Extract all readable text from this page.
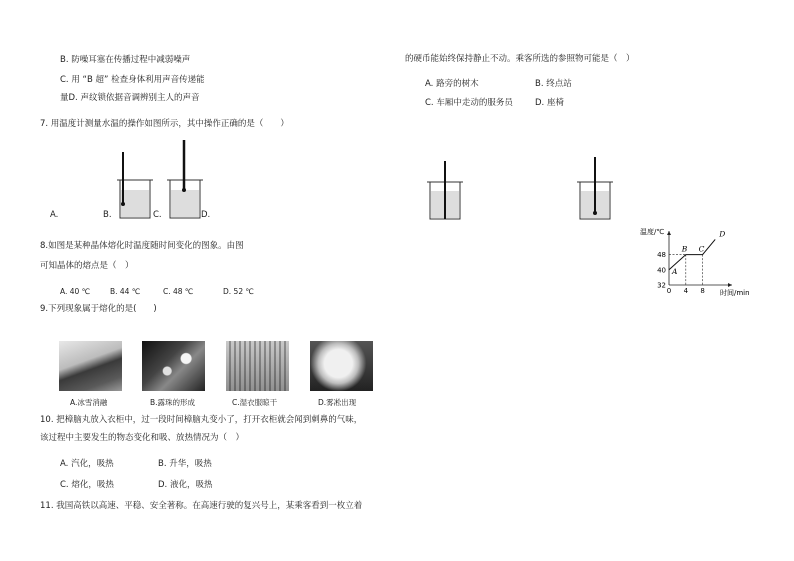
B. 防噪耳塞在传播过程中减弱噪声
C. 用 “B 超” 检查身体利用声音传递能
量D. 声纹锁依据音调辨别主人的声音
7. 用温度计测量水温的操作如图所示，其中操作正确的是（　　）
A.	B.	C.	D.
8.如图是某种晶体熔化时温度随时间变化的图象。由图
可知晶体的熔点是（　）
A. 40 ℃	B. 44 ℃	C. 48 ℃	D. 52 ℃
9.下列现象属于熔化的是(　　)
A.冰雪消融	B.露珠的形成	C.湿衣服晾干	D.雾凇出现
10. 把樟脑丸放入衣柜中，过一段时间樟脑丸变小了，打开衣柜就会闻到刺鼻的气味，
该过程中主要发生的物态变化和吸、放热情况为（　）
A. 汽化，吸热	B. 升华，吸热
C. 熔化，吸热	D. 液化，吸热
11. 我国高铁以高速、平稳、安全著称。在高速行驶的复兴号上，某乘客看到一枚立着
的硬币能始终保持静止不动。乘客所选的参照物可能是（　）
A. 路旁的树木	B. 终点站
C. 车厢中走动的服务员	D. 座椅
温度/℃
时间/min
A
B C
D
32
40
48
0 4 8
